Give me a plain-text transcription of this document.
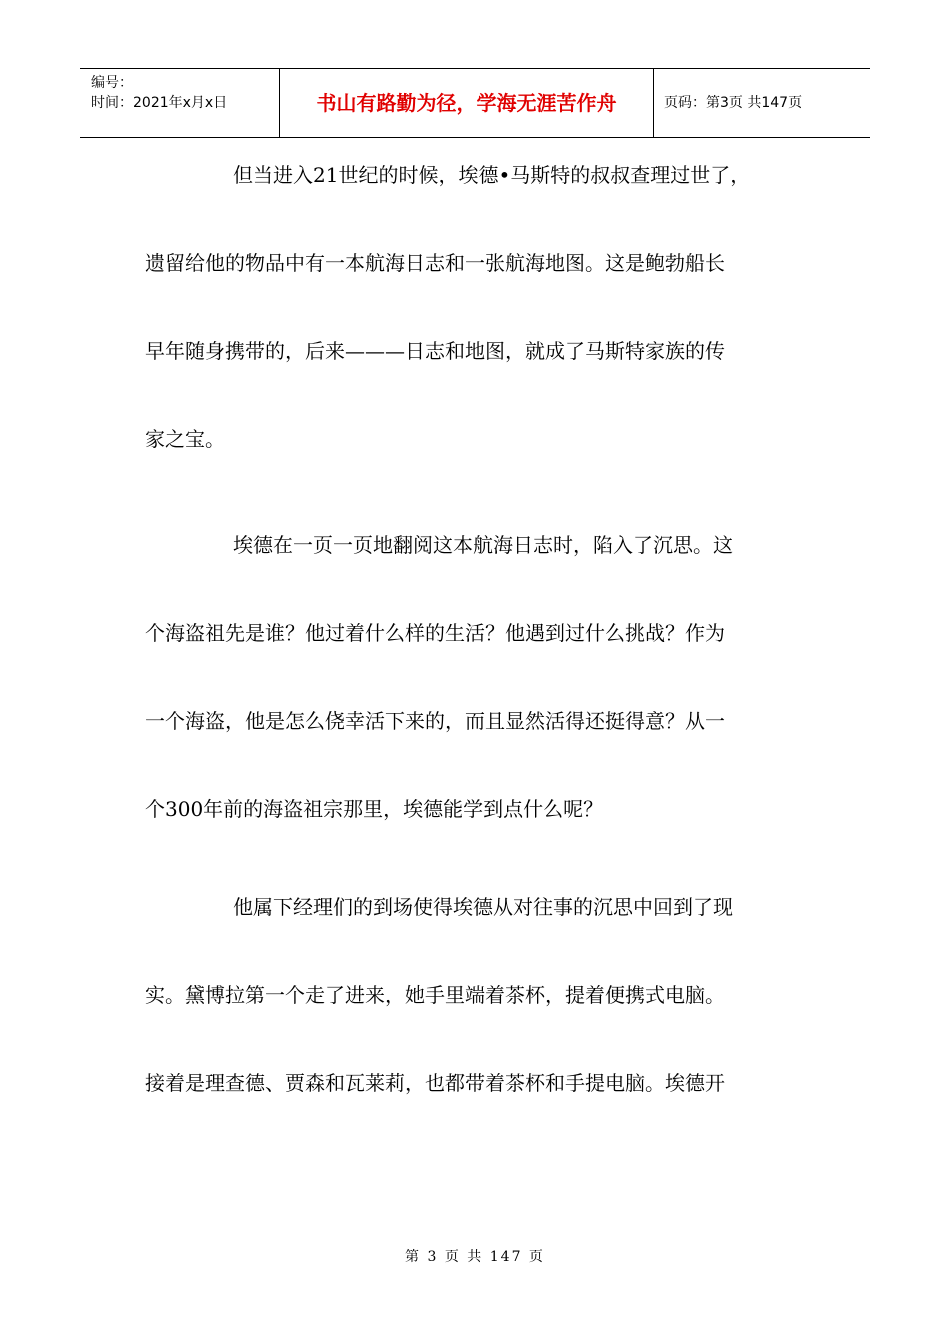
编号：
时间：2021年x月x日	书山有路勤为径，学海无涯苦作舟	页码：第3页 共147页
但当进入21世纪的时候，埃德•马斯特的叔叔查理过世了，
遗留给他的物品中有一本航海日志和一张航海地图。这是鲍勃船长
早年随身携带的，后来———日志和地图，就成了马斯特家族的传
家之宝。
埃德在一页一页地翻阅这本航海日志时，陷入了沉思。这
个海盗祖先是谁？他过着什么样的生活？他遇到过什么挑战？作为
一个海盗，他是怎么侥幸活下来的，而且显然活得还挺得意？从一
个300年前的海盗祖宗那里，埃德能学到点什么呢？
他属下经理们的到场使得埃德从对往事的沉思中回到了现
实。黛博拉第一个走了进来，她手里端着茶杯，提着便携式电脑。
接着是理查德、贾森和瓦莱莉，也都带着茶杯和手提电脑。埃德开
第 3 页 共 147 页
